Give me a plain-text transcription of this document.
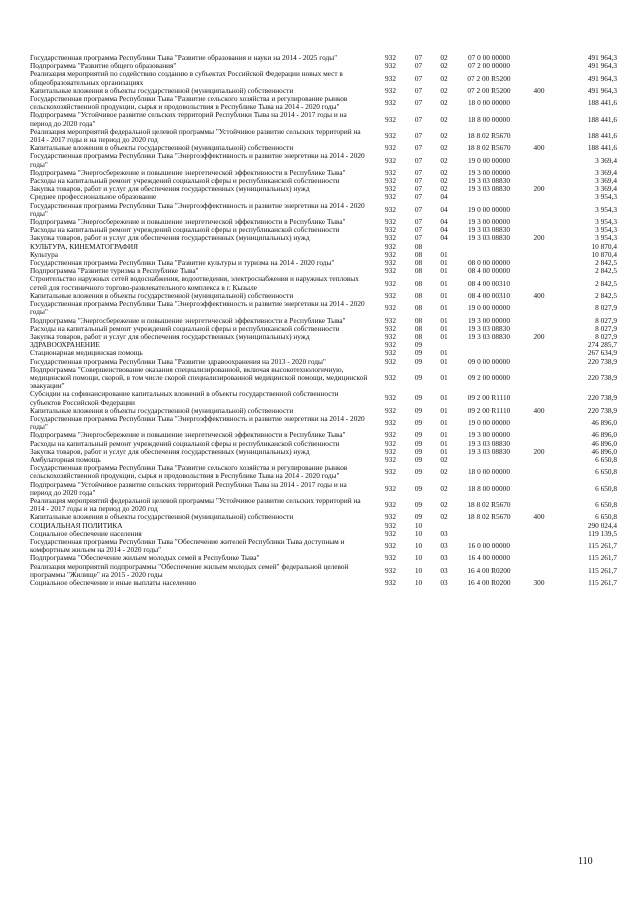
Государственная программа Республики Тыва "Развитие образования и науки на 2014 - 2025 годы"	932	07	02	07 0 00 00000		491 964,3
Подпрограмма "Развитие общего образования"	932	07	02	07 2 00 00000		491 964,3
Реализация мероприятий по содействию созданию в субъектах Российской Федерации новых мест в общеобразовательных организациях	932	07	02	07 2 00 R5200		491 964,3
Капитальные вложения в объекты государственной (муниципальной) собственности	932	07	02	07 2 00 R5200	400	491 964,3
Государственная программа Республики Тыва "Развитие сельского хозяйства и регулирование рынков сельскохозяйственной продукции, сырья и продовольствия в Республике Тыва на 2014 - 2020 годы"	932	07	02	18 0 00 00000		188 441,6
Подпрограмма "Устойчивое развитие сельских территорий Республики Тыва на 2014 - 2017 годы и на период до 2020 года"	932	07	02	18 8 00 00000		188 441,6
Реализация мероприятий федеральной целевой программы "Устойчивое развитие сельских территорий на 2014 - 2017 годы и на период до 2020 год	932	07	02	18 8 02 R5670		188 441,6
Капитальные вложения в объекты государственной (муниципальной) собственности	932	07	02	18 8 02 R5670	400	188 441,6
Государственная программа Республики Тыва "Энергоэффективность и развитие энергетики на 2014 - 2020 годы"	932	07	02	19 0 00 00000		3 369,4
Подпрограмма "Энергосбережение и повышение энергетической эффективности в Республике Тыва"	932	07	02	19 3 00 00000		3 369,4
Расходы на капитальный ремонт учреждений социальной сферы и республиканской собственности	932	07	02	19 3 03 08830		3 369,4
Закупка товаров, работ и услуг для обеспечения государственных (муниципальных) нужд	932	07	02	19 3 03 08830	200	3 369,4
Среднее профессиональное образование	932	07	04			3 954,3
Государственная программа Республики Тыва "Энергоэффективность и развитие энергетики на 2014 - 2020 годы"	932	07	04	19 0 00 00000		3 954,3
Подпрограмма "Энергосбережение и повышение энергетической эффективности в Республике Тыва"	932	07	04	19 3 00 00000		3 954,3
Расходы на капитальный ремонт учреждений социальной сферы и республиканской собственности	932	07	04	19 3 03 08830		3 954,3
Закупка товаров, работ и услуг для обеспечения государственных (муниципальных) нужд	932	07	04	19 3 03 08830	200	3 954,3
КУЛЬТУРА, КИНЕМАТОГРАФИЯ	932	08				10 870,4
Культура	932	08	01			10 870,4
Государственная программа Республики Тыва "Развитие культуры и туризма на 2014 - 2020 годы"	932	08	01	08 0 00 00000		2 842,5
Подпрограмма "Развитие туризма в Республике Тыва"	932	08	01	08 4 00 00000		2 842,5
Строительство наружных сетей водоснабжения, водоотведения, электроснабжения и наружных тепловых сетей для гостиничного торгово-развлекательного комплекса в г. Кызыле	932	08	01	08 4 00 00310		2 842,5
Капитальные вложения в объекты государственной (муниципальной) собственности	932	08	01	08 4 00 00310	400	2 842,5
Государственная программа Республики Тыва "Энергоэффективность и развитие энергетики на 2014 - 2020 годы"	932	08	01	19 0 00 00000		8 027,9
Подпрограмма "Энергосбережение и повышение энергетической эффективности в Республике Тыва"	932	08	01	19 3 00 00000		8 027,9
Расходы на капитальный ремонт учреждений социальной сферы и республиканской собственности	932	08	01	19 3 03 08830		8 027,9
Закупка товаров, работ и услуг для обеспечения государственных (муниципальных) нужд	932	08	01	19 3 03 08830	200	8 027,9
ЗДРАВООХРАНЕНИЕ	932	09				274 285,7
Стационарная медицинская помощь	932	09	01			267 634,9
Государственная программа Республики Тыва "Развитие здравоохранения на 2013 - 2020 годы"	932	09	01	09 0 00 00000		220 738,9
Подпрограмма "Совершенствование оказания специализированной, включая высокотехнологичную, медицинской помощи, скорой, в том числе скорой специализированной медицинской помощи, медицинской эвакуации"	932	09	01	09 2 00 00000		220 738,9
Субсидии на софинансирование капитальных вложений в объекты государственной собственности субъектов Российской Федерации	932	09	01	09 2 00 R1110		220 738,9
Капитальные вложения в объекты государственной (муниципальной) собственности	932	09	01	09 2 00 R1110	400	220 738,9
Государственная программа Республики Тыва "Энергоэффективность и развитие энергетики на 2014 - 2020 годы"	932	09	01	19 0 00 00000		46 896,0
Подпрограмма "Энергосбережение и повышение энергетической эффективности в Республике Тыва"	932	09	01	19 3 00 00000		46 896,0
Расходы на капитальный ремонт учреждений социальной сферы и республиканской собственности	932	09	01	19 3 03 08830		46 896,0
Закупка товаров, работ и услуг для обеспечения государственных (муниципальных) нужд	932	09	01	19 3 03 08830	200	46 896,0
Амбулаторная помощь	932	09	02			6 650,8
Государственная программа Республики Тыва "Развитие сельского хозяйства и регулирование рынков сельскохозяйственной продукции, сырья и продовольствия в Республике Тыва на 2014 - 2020 годы"	932	09	02	18 0 00 00000		6 650,8
Подпрограмма "Устойчивое развитие сельских территорий Республики Тыва на 2014 - 2017 годы и на период до 2020 года"	932	09	02	18 8 00 00000		6 650,8
Реализация мероприятий федеральной целевой программы "Устойчивое развитие сельских территорий на 2014 - 2017 годы и на период до 2020 год	932	09	02	18 8 02 R5670		6 650,8
Капитальные вложения в объекты государственной (муниципальной) собственности	932	09	02	18 8 02 R5670	400	6 650,8
СОЦИАЛЬНАЯ ПОЛИТИКА	932	10				290 024,4
Социальное обеспечение населения	932	10	03			119 139,5
Государственная программа Республики Тыва "Обеспечение жителей Республики Тыва доступным и комфортным жильем на 2014 - 2020 годы"	932	10	03	16 0 00 00000		115 261,7
Подпрограмма "Обеспечение жильем молодых семей в Республике Тыва"	932	10	03	16 4 00 00000		115 261,7
Реализация мероприятий подпрограммы "Обеспечение жильем молодых семей" федеральной целевой программы "Жилище" на 2015 - 2020 годы	932	10	03	16 4 00 R0200		115 261,7
Социальное обеспечение и иные выплаты населению	932	10	03	16 4 00 R0200	300	115 261,7
110
